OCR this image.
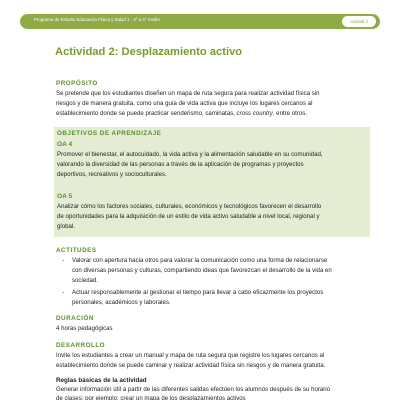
Programa de Estudio Educación Física y Salud 1 - 3° a 4° medio	Unidad 4
Actividad 2: Desplazamiento activo
PROPÓSITO
Se pretende que los estudiantes diseñen un mapa de ruta segura para realizar actividad física sin
riesgos y de manera gratuita, como una guía de vida activa que incluye los lugares cercanos al
establecimiento donde se puede practicar senderismo, caminatas, cross country, entre otros.
OBJETIVOS DE APRENDIZAJE
OA 4
Promover el bienestar, el autocuidado, la vida activa y la alimentación saludable en su comunidad,
valorando la diversidad de las personas a través de la aplicación de programas y proyectos
deportivos, recreativos y socioculturales.
OA 5
Analizar cómo los factores sociales, culturales, económicos y tecnológicos favorecen el desarrollo
de oportunidades para la adquisición de un estilo de vida activo saludable a nivel local, regional y
global.
ACTITUDES
- Valorar con apertura hacia otros para valorar la comunicación como una forma de relacionarse
con diversas personas y culturas, compartiendo ideas que favorezcan el desarrollo de la vida en
sociedad.
- Actuar responsablemente al gestionar el tiempo para llevar a cabo eficazmente los proyectos
personales, académicos y laborales.
DURACIÓN
4 horas pedagógicas
DESARROLLO
Invite los estudiantes a crear un manual y mapa de ruta segura que registre los lugares cercanos al
establecimiento donde se puede caminar y realizar actividad física sin riesgos y de manera gratuita.
Reglas básicas de la actividad
Generar información útil a partir de las diferentes salidas efectúen los alumnos después de su horario
de clases; por ejemplo: crear un mapa de los desplazamientos activos
